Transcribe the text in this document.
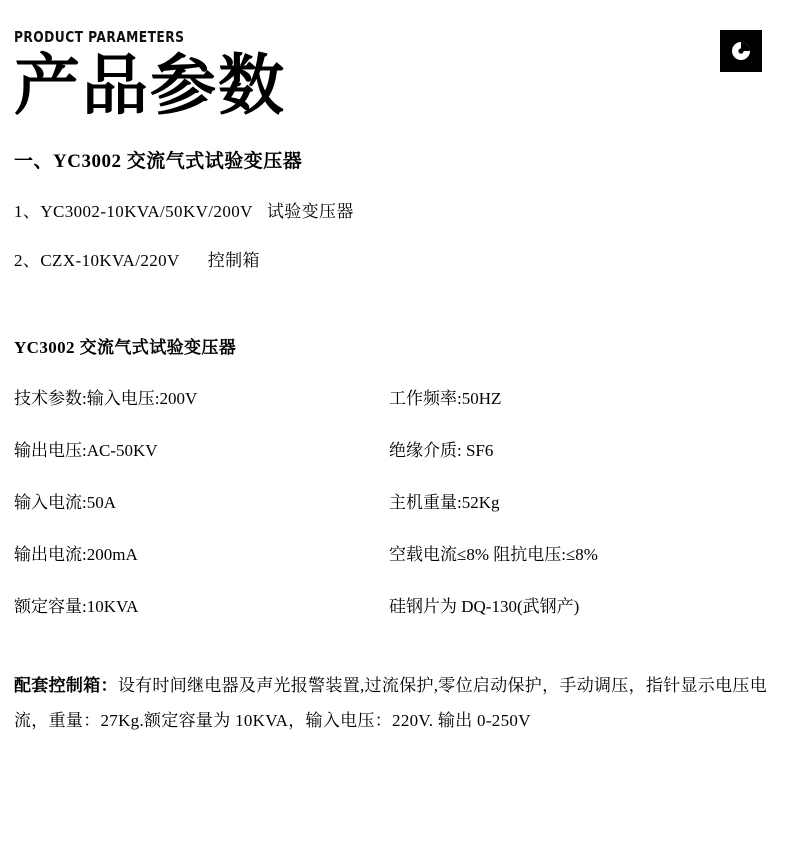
PRODUCT PARAMETERS
产品参数
一、YC3002 交流气式试验变压器
1、YC3002-10KVA/50KV/200V 试验变压器
2、CZX-10KVA/220V 控制箱
YC3002 交流气式试验变压器
技术参数:输入电压:200V	工作频率:50HZ
输出电压:AC-50KV	绝缘介质: SF6
输入电流:50A	主机重量:52Kg
输出电流:200mA	空载电流≤8% 阻抗电压:≤8%
额定容量:10KVA	硅钢片为 DQ-130(武钢产)
配套控制箱：设有时间继电器及声光报警装置,过流保护,零位启动保护，手动调压，指针显示电压电流，重量：27Kg.额定容量为 10KVA，输入电压：220V. 输出 0-250V
